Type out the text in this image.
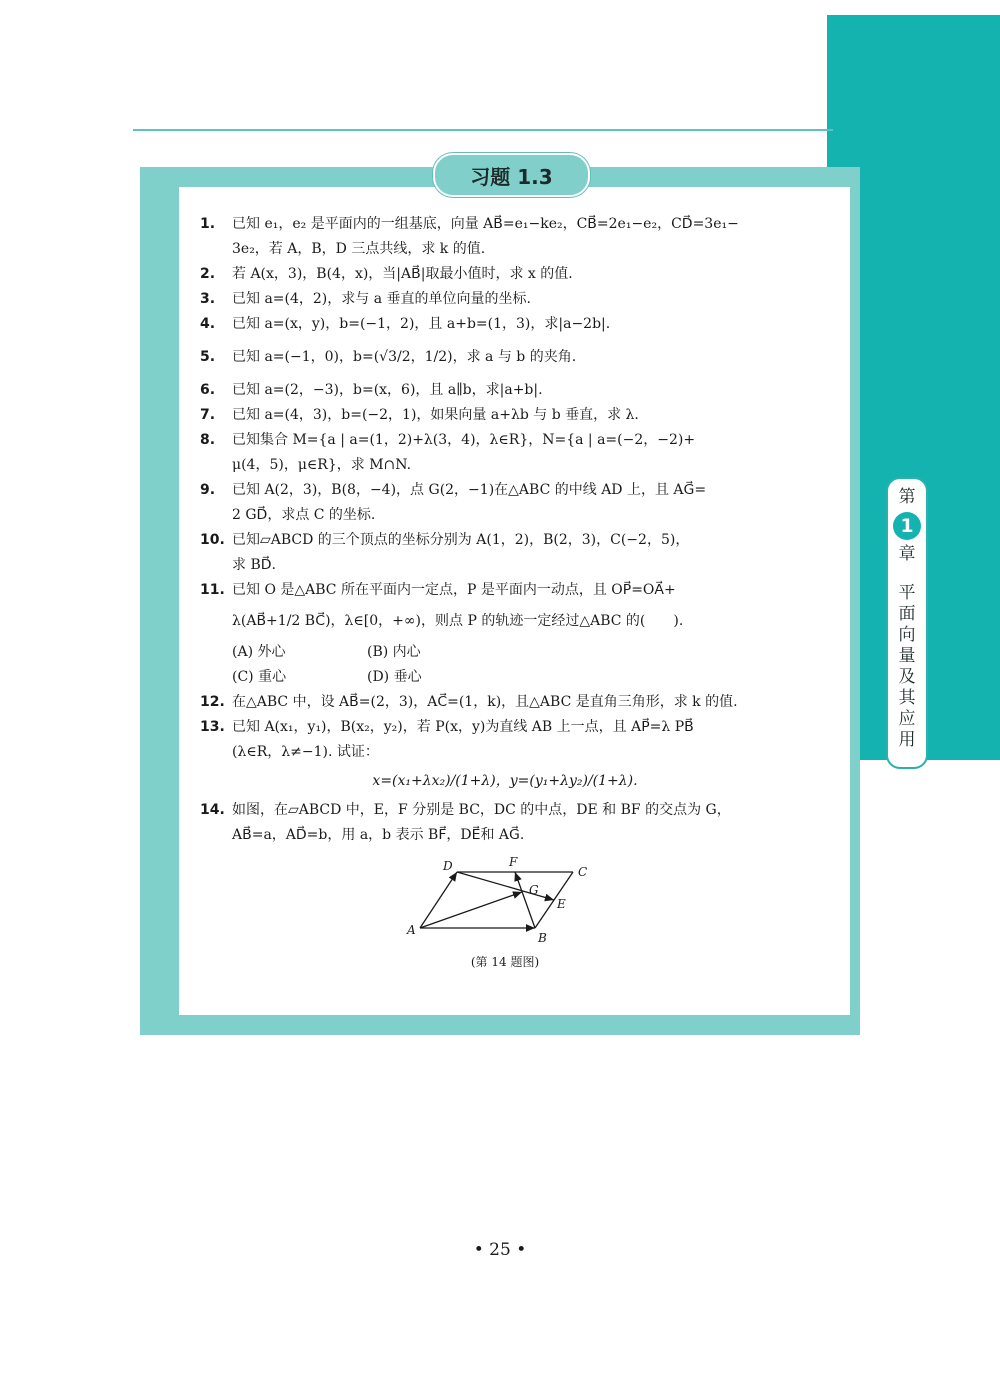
习题 1.3
第
1
章
平
面
向
量
及
其
应
用
1. 已知 e₁，e₂ 是平面内的一组基底，向量 AB⃗=e₁−ke₂，CB⃗=2e₁−e₂，CD⃗=3e₁−
3e₂，若 A，B，D 三点共线，求 k 的值.
2. 若 A(x，3)，B(4，x)，当|AB⃗|取最小值时，求 x 的值.
3. 已知 a=(4，2)，求与 a 垂直的单位向量的坐标.
4. 已知 a=(x，y)，b=(−1，2)，且 a+b=(1，3)，求|a−2b|.
5. 已知 a=(−1，0)，b=(√3/2，1/2)，求 a 与 b 的夹角.
6. 已知 a=(2，−3)，b=(x，6)，且 a∥b，求|a+b|.
7. 已知 a=(4，3)，b=(−2，1)，如果向量 a+λb 与 b 垂直，求 λ.
8. 已知集合 M={a | a=(1，2)+λ(3，4)，λ∈R}，N={a | a=(−2，−2)+
μ(4，5)，μ∈R}，求 M∩N.
9. 已知 A(2，3)，B(8，−4)，点 G(2，−1)在△ABC 的中线 AD 上，且 AG⃗=
2 GD⃗，求点 C 的坐标.
10. 已知▱ABCD 的三个顶点的坐标分别为 A(1，2)，B(2，3)，C(−2，5)，
求 BD⃗.
11. 已知 O 是△ABC 所在平面内一定点，P 是平面内一动点，且 OP⃗=OA⃗+
λ(AB⃗+1/2 BC⃗)，λ∈[0，+∞)，则点 P 的轨迹一定经过△ABC 的(　　).
(A) 外心	(B) 内心
(C) 重心	(D) 垂心
12. 在△ABC 中，设 AB⃗=(2，3)，AC⃗=(1，k)，且△ABC 是直角三角形，求 k 的值.
13. 已知 A(x₁，y₁)，B(x₂，y₂)，若 P(x，y)为直线 AB 上一点，且 AP⃗=λ PB⃗
(λ∈R，λ≠−1). 试证：
x=(x₁+λx₂)/(1+λ)，y=(y₁+λy₂)/(1+λ).
14. 如图，在▱ABCD 中，E，F 分别是 BC，DC 的中点，DE 和 BF 的交点为 G，
AB⃗=a，AD⃗=b，用 a，b 表示 BF⃗，DE⃗和 AG⃗.
A
B
C
D
E
F
G
(第 14 题图)
• 25 •
